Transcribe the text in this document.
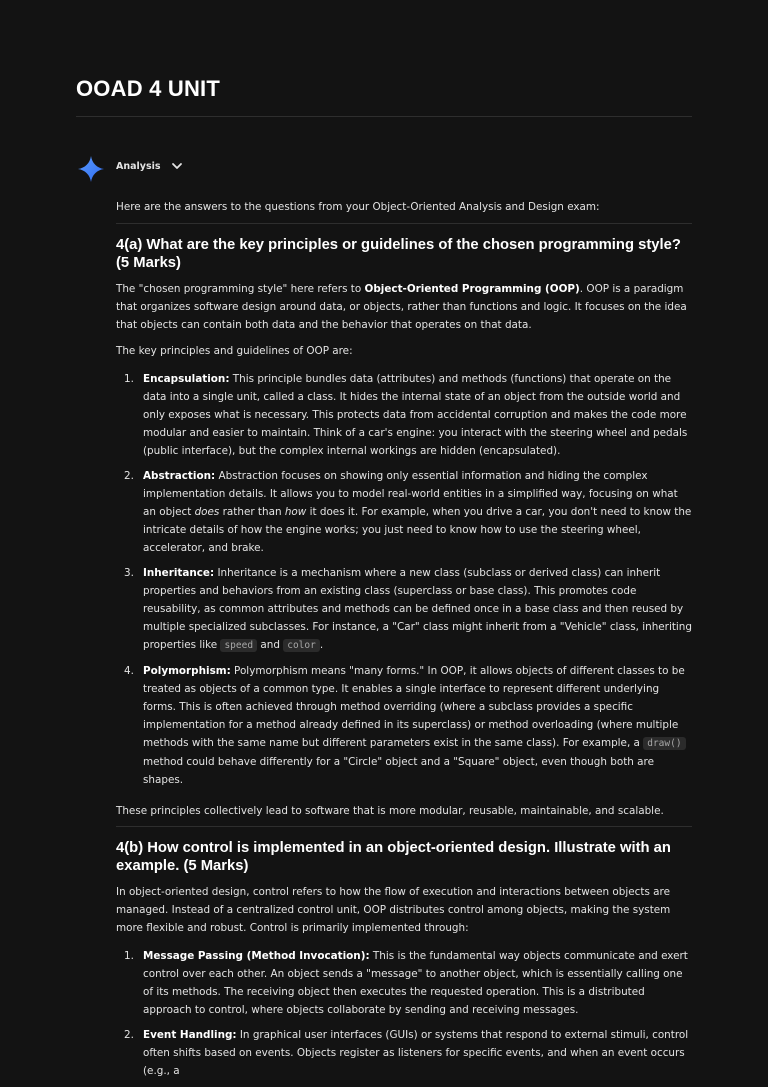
OOAD 4 UNIT
Analysis

Here are the answers to the questions from your Object-Oriented Analysis and Design exam:

4(a) What are the key principles or guidelines of the chosen programming style? (5 Marks)

The "chosen programming style" here refers to Object-Oriented Programming (OOP). OOP is a paradigm that organizes software design around data, or objects, rather than functions and logic. It focuses on the idea that objects can contain both data and the behavior that operates on that data.

The key principles and guidelines of OOP are:

1. Encapsulation: This principle bundles data (attributes) and methods (functions) that operate on the data into a single unit, called a class. It hides the internal state of an object from the outside world and only exposes what is necessary. This protects data from accidental corruption and makes the code more modular and easier to maintain. Think of a car's engine: you interact with the steering wheel and pedals (public interface), but the complex internal workings are hidden (encapsulated).
2. Abstraction: Abstraction focuses on showing only essential information and hiding the complex implementation details. It allows you to model real-world entities in a simplified way, focusing on what an object does rather than how it does it. For example, when you drive a car, you don't need to know the intricate details of how the engine works; you just need to know how to use the steering wheel, accelerator, and brake.
3. Inheritance: Inheritance is a mechanism where a new class (subclass or derived class) can inherit properties and behaviors from an existing class (superclass or base class). This promotes code reusability, as common attributes and methods can be defined once in a base class and then reused by multiple specialized subclasses. For instance, a "Car" class might inherit from a "Vehicle" class, inheriting properties like speed and color .
4. Polymorphism: Polymorphism means "many forms." In OOP, it allows objects of different classes to be treated as objects of a common type. It enables a single interface to represent different underlying forms. This is often achieved through method overriding (where a subclass provides a specific implementation for a method already defined in its superclass) or method overloading (where multiple methods with the same name but different parameters exist in the same class). For example, a draw() method could behave differently for a "Circle" object and a "Square" object, even though both are shapes.

These principles collectively lead to software that is more modular, reusable, maintainable, and scalable.

4(b) How control is implemented in an object-oriented design. Illustrate with an example. (5 Marks)

In object-oriented design, control refers to how the flow of execution and interactions between objects are managed. Instead of a centralized control unit, OOP distributes control among objects, making the system more flexible and robust. Control is primarily implemented through:

1. Message Passing (Method Invocation): This is the fundamental way objects communicate and exert control over each other. An object sends a "message" to another object, which is essentially calling one of its methods. The receiving object then executes the requested operation. This is a distributed approach to control, where objects collaborate by sending and receiving messages.
2. Event Handling: In graphical user interfaces (GUIs) or systems that respond to external stimuli, control often shifts based on events. Objects register as listeners for specific events, and when an event occurs (e.g., a
